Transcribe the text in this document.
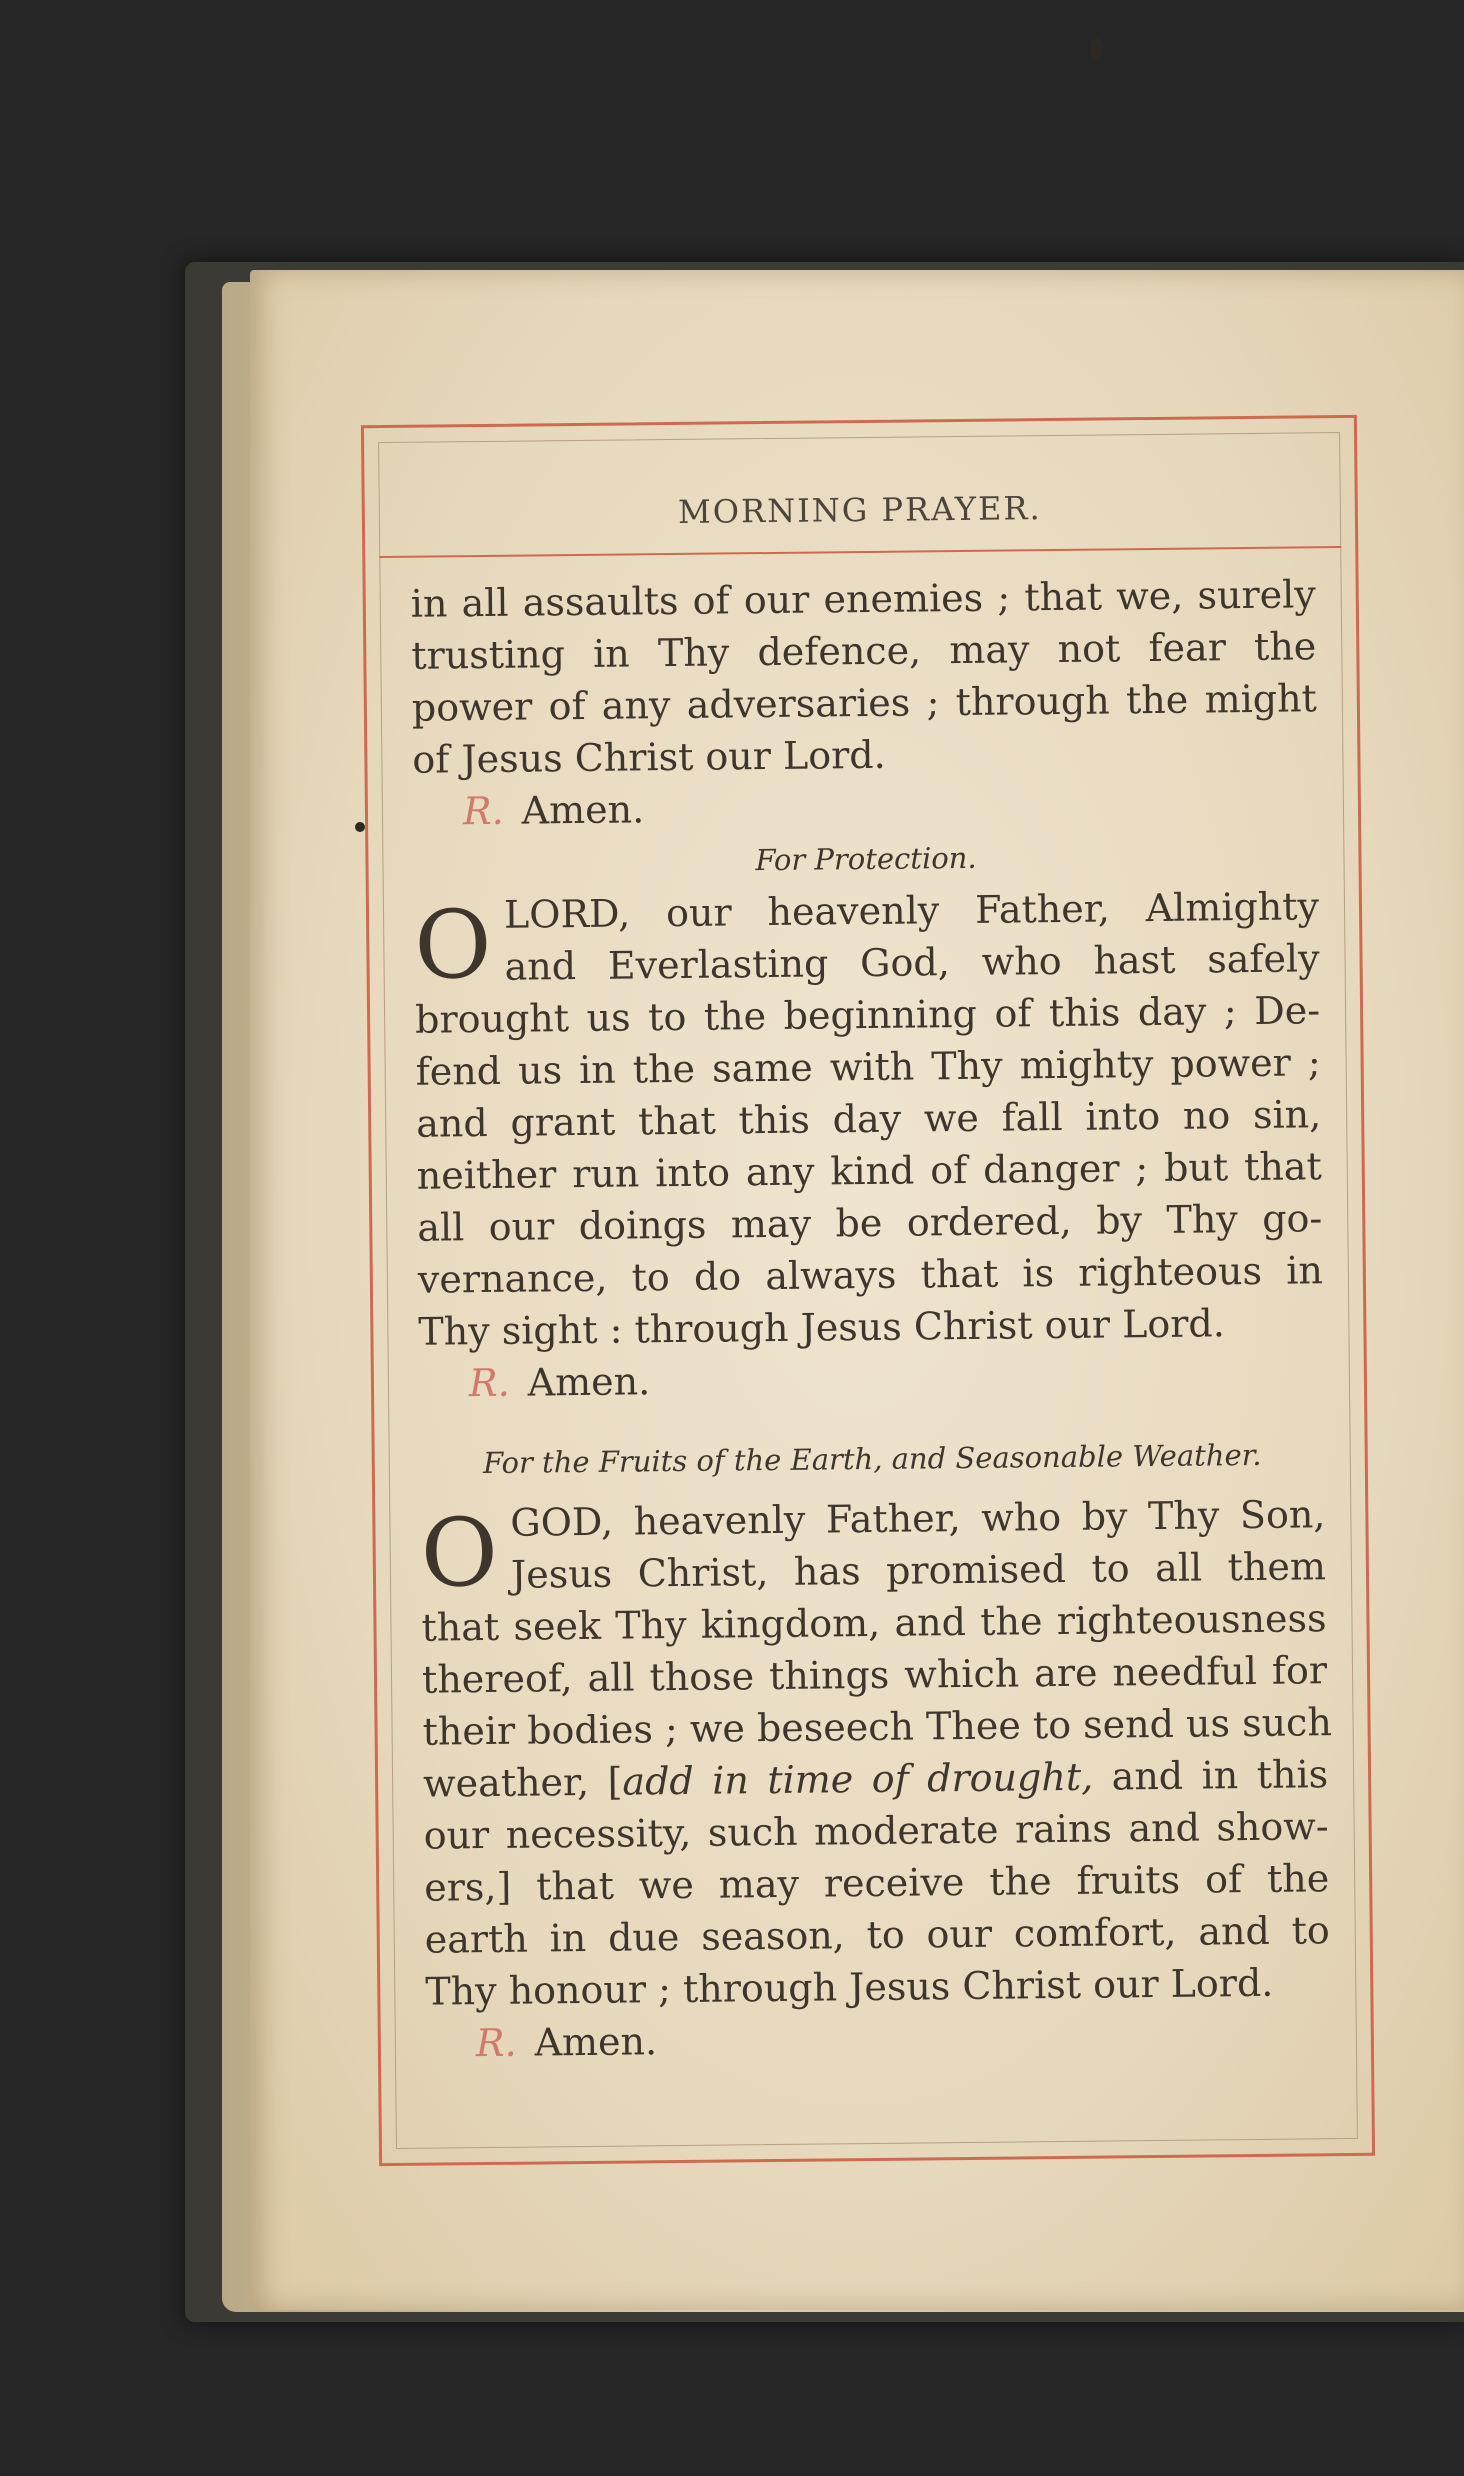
MORNING PRAYER.
in all assaults of our enemies ; that we, surely
trusting in Thy defence, may not fear the
power of any adversaries ; through the might
of Jesus Christ our Lord.
R. Amen.
For Protection.
O LORD, our heavenly Father, Almighty
and Everlasting God, who hast safely
brought us to the beginning of this day ; De-
fend us in the same with Thy mighty power ;
and grant that this day we fall into no sin,
neither run into any kind of danger ; but that
all our doings may be ordered, by Thy go-
vernance, to do always that is righteous in
Thy sight : through Jesus Christ our Lord.
R. Amen.
For the Fruits of the Earth, and Seasonable Weather.
O GOD, heavenly Father, who by Thy Son,
Jesus Christ, has promised to all them
that seek Thy kingdom, and the righteousness
thereof, all those things which are needful for
their bodies ; we beseech Thee to send us such
weather, [add in time of drought, and in this
our necessity, such moderate rains and show-
ers,] that we may receive the fruits of the
earth in due season, to our comfort, and to
Thy honour ; through Jesus Christ our Lord.
R. Amen.
